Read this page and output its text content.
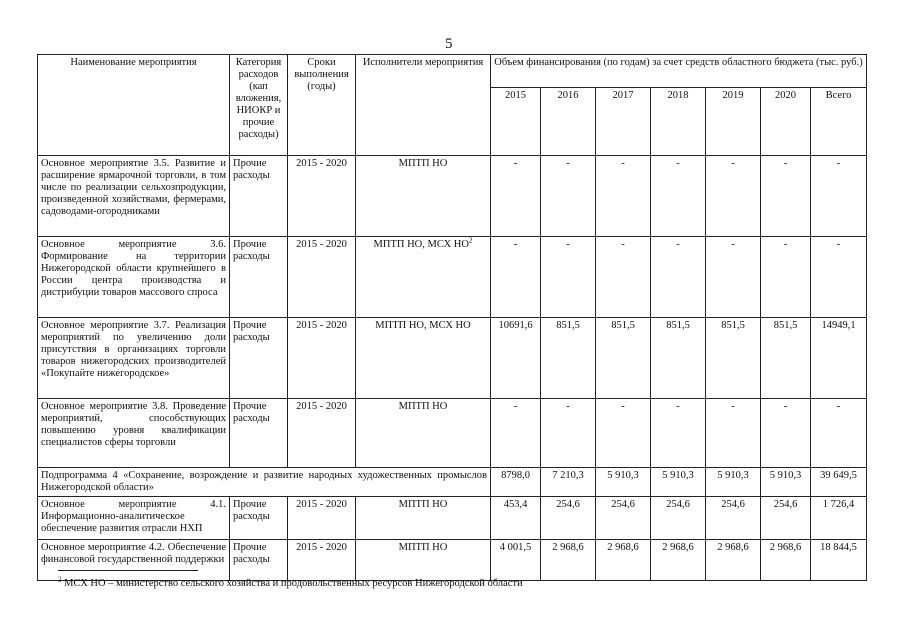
5
Наименование мероприятия	Категория расходов (кап вложения, НИОКР и прочие расходы)	Сроки выполнения (годы)	Исполнители мероприятия	Объем финансирования (по годам) за счет средств областного бюджета (тыс. руб.)						
				2015	2016	2017	2018	2019	2020	Всего
Основное мероприятие 3.5. Развитие и расширение ярмарочной торговли, в том числе по реализации сельхозпродукции, произведенной хозяйствами, фермерами, садоводами-огородниками	Прочие расходы	2015 - 2020	МПТП НО	-	-	-	-	-	-	-
Основное мероприятие 3.6. Формирование на территории Нижегородской области крупнейшего в России центра производства и дистрибуции товаров массового спроса	Прочие расходы	2015 - 2020	МПТП НО, МСХ $НО^2$	-	-	-	-	-	-	-
Основное мероприятие 3.7. Реализация мероприятий по увеличению доли присутствия в организациях торговли товаров нижегородских производителей «Покупайте нижегородское»	Прочие расходы	2015 - 2020	МПТП НО, МСХ НО	10691,6	851,5	851,5	851,5	851,5	851,5	14949,1
Основное мероприятие 3.8. Проведение мероприятий, способствующих повышению уровня квалификации специалистов сферы торговли	Прочие расходы	2015 - 2020	МПТП НО	-	-	-	-	-	-	-
Подпрограмма 4 «Сохранение, возрождение и развитие народных художественных промыслов Нижегородской области»				8798,0	7 210,3	5 910,3	5 910,3	5 910,3	5 910,3	39 649,5
Основное мероприятие 4.1. Информационно-аналитическое обеспечение развития отрасли НХП	Прочие расходы	2015 - 2020	МПТП НО	453,4	254,6	254,6	254,6	254,6	254,6	1 726,4
Основное мероприятие 4.2. Обеспечение финансовой государственной поддержки	Прочие расходы	2015 - 2020	МПТП НО	4 001,5	2 968,6	2 968,6	2 968,6	2 968,6	2 968,6	18 844,5
$^2$ МСХ НО – министерство сельского хозяйства и продовольственных ресурсов Нижегородской области
